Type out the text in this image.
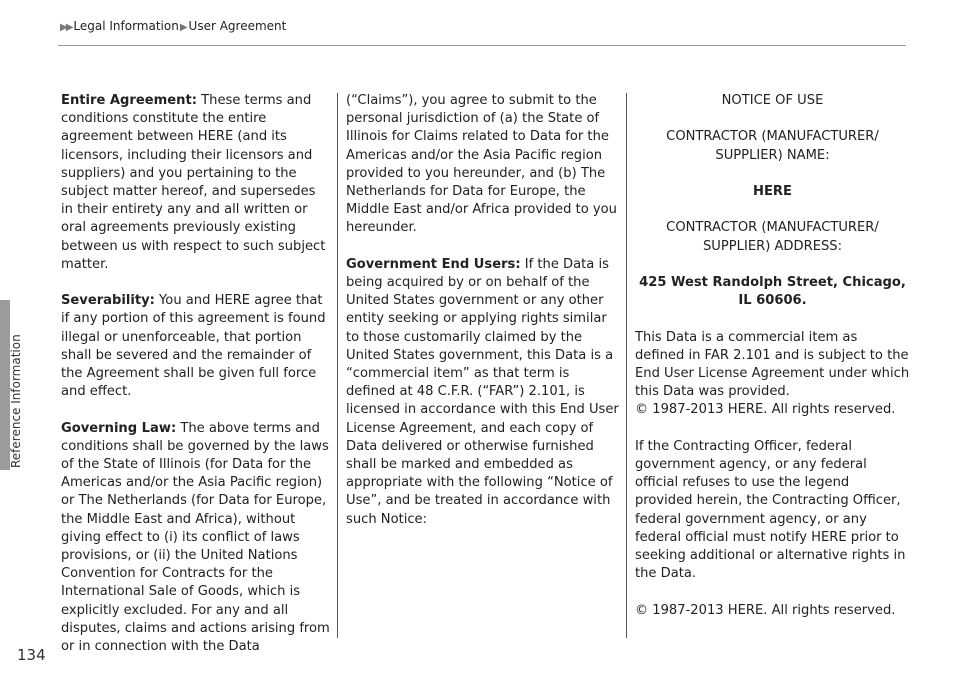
▶▶ Legal Information▶User Agreement
Reference Information
134

Entire Agreement: These terms and conditions constitute the entire agreement between HERE (and its licensors, including their licensors and suppliers) and you pertaining to the subject matter hereof, and supersedes in their entirety any and all written or oral agreements previously existing between us with respect to such subject matter.

Severability: You and HERE agree that if any portion of this agreement is found illegal or unenforceable, that portion shall be severed and the remainder of the Agreement shall be given full force and effect.

Governing Law: The above terms and conditions shall be governed by the laws of the State of Illinois (for Data for the Americas and/or the Asia Pacific region) or The Netherlands (for Data for Europe, the Middle East and Africa), without giving effect to (i) its conflict of laws provisions, or (ii) the United Nations Convention for Contracts for the International Sale of Goods, which is explicitly excluded. For any and all disputes, claims and actions arising from or in connection with the Data

(“Claims”), you agree to submit to the personal jurisdiction of (a) the State of Illinois for Claims related to Data for the Americas and/or the Asia Pacific region provided to you hereunder, and (b) The Netherlands for Data for Europe, the Middle East and/or Africa provided to you hereunder.

Government End Users: If the Data is being acquired by or on behalf of the United States government or any other entity seeking or applying rights similar to those customarily claimed by the United States government, this Data is a “commercial item” as that term is defined at 48 C.F.R. (“FAR”) 2.101, is licensed in accordance with this End User License Agreement, and each copy of Data delivered or otherwise furnished shall be marked and embedded as appropriate with the following “Notice of Use”, and be treated in accordance with such Notice:

NOTICE OF USE

CONTRACTOR (MANUFACTURER/ SUPPLIER) NAME:

HERE

CONTRACTOR (MANUFACTURER/ SUPPLIER) ADDRESS:

425 West Randolph Street, Chicago, IL 60606.

This Data is a commercial item as defined in FAR 2.101 and is subject to the End User License Agreement under which this Data was provided.

© 1987-2013 HERE. All rights reserved.

If the Contracting Officer, federal government agency, or any federal official refuses to use the legend provided herein, the Contracting Officer, federal government agency, or any federal official must notify HERE prior to seeking additional or alternative rights in the Data.

© 1987-2013 HERE. All rights reserved.
